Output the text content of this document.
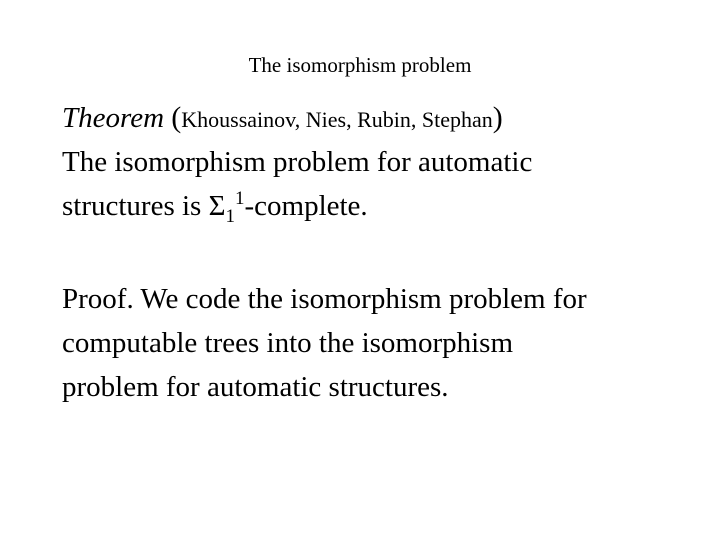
The isomorphism problem
Theorem (Khoussainov, Nies, Rubin, Stephan)
The isomorphism problem for automatic
structures is $\Sigma_1^1$-complete.
Proof. We code the isomorphism problem for
computable trees into the isomorphism
problem for automatic structures.
